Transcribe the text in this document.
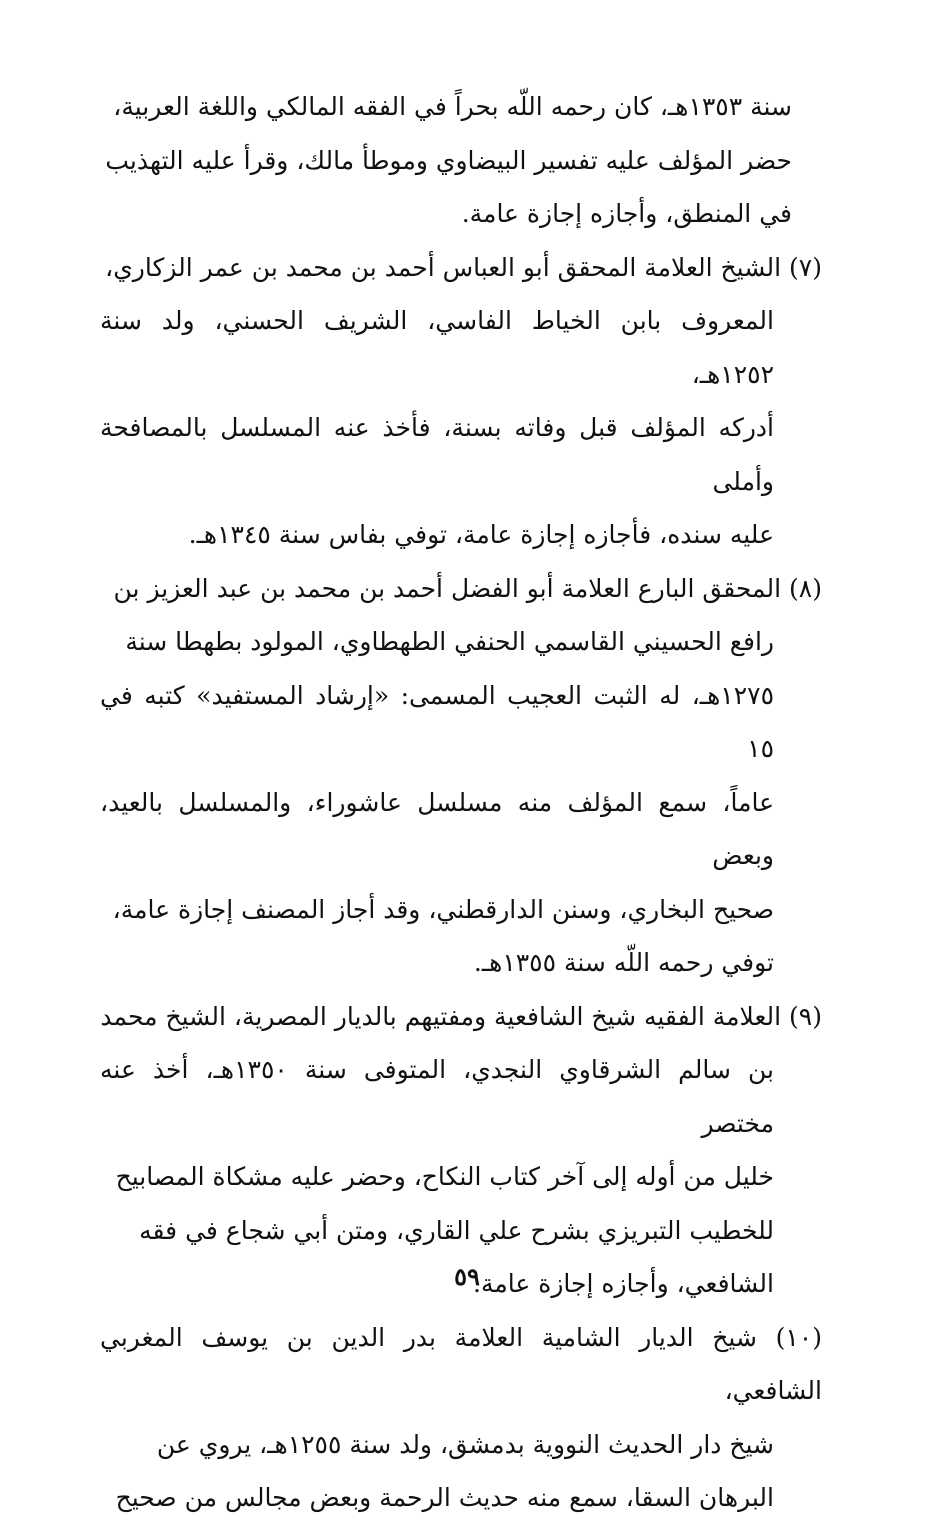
سنة ١٣٥٣هـ، كان رحمه اللّه بحراً في الفقه المالكي واللغة العربية،
حضر المؤلف عليه تفسير البيضاوي وموطأ مالك، وقرأ عليه التهذيب
في المنطق، وأجازه إجازة عامة.
(٧) الشيخ العلامة المحقق أبو العباس أحمد بن محمد بن عمر الزكاري،
المعروف بابن الخياط الفاسي، الشريف الحسني، ولد سنة ١٢٥٢هـ،
أدركه المؤلف قبل وفاته بسنة، فأخذ عنه المسلسل بالمصافحة وأملى
عليه سنده، فأجازه إجازة عامة، توفي بفاس سنة ١٣٤٥هـ.
(٨) المحقق البارع العلامة أبو الفضل أحمد بن محمد بن عبد العزيز بن
رافع الحسيني القاسمي الحنفي الطهطاوي، المولود بطهطا سنة
١٢٧٥هـ، له الثبت العجيب المسمى: «إرشاد المستفيد» كتبه في ١٥
عاماً، سمع المؤلف منه مسلسل عاشوراء، والمسلسل بالعيد، وبعض
صحيح البخاري، وسنن الدارقطني، وقد أجاز المصنف إجازة عامة،
توفي رحمه اللّه سنة ١٣٥٥هـ.
(٩) العلامة الفقيه شيخ الشافعية ومفتيهم بالديار المصرية، الشيخ محمد
بن سالم الشرقاوي النجدي، المتوفى سنة ١٣٥٠هـ، أخذ عنه مختصر
خليل من أوله إلى آخر كتاب النكاح، وحضر عليه مشكاة المصابيح
للخطيب التبريزي بشرح علي القاري، ومتن أبي شجاع في فقه
الشافعي، وأجازه إجازة عامة.
(١٠) شيخ الديار الشامية العلامة بدر الدين بن يوسف المغربي الشافعي،
شيخ دار الحديث النووية بدمشق، ولد سنة ١٢٥٥هـ، يروي عن
البرهان السقا، سمع منه حديث الرحمة وبعض مجالس من صحيح
٥٩
